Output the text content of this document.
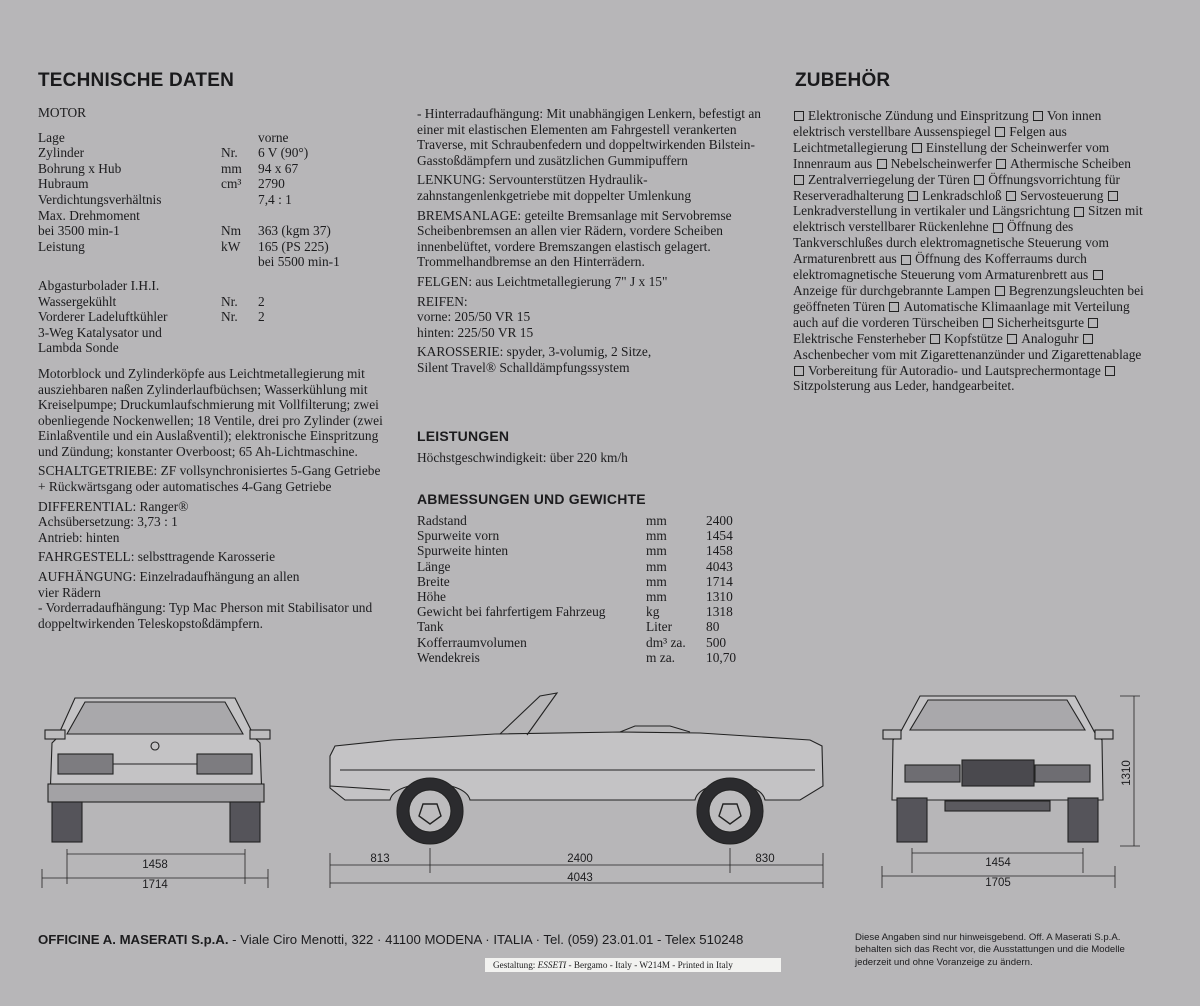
TECHNISCHE DATEN
MOTOR
Lage	vorne
Zylinder	Nr.	6 V (90°)
Bohrung x Hub	mm	94 x 67
Hubraum	cm³	2790
Verdichtungsverhältnis	7,4 : 1
Max. Drehmoment
bei 3500 min-1	Nm	363 (kgm 37)
Leistung	kW	165 (PS 225)
bei 5500 min-1
Abgasturbolader I.H.I.
Wassergekühlt	Nr.	2
Vorderer Ladeluftkühler	Nr.	2
3-Weg Katalysator und
Lambda Sonde

Motorblock und Zylinderköpfe aus Leichtmetallegierung mit ausziehbaren naßen Zylinderlaufbüchsen; Wasserkühlung mit Kreiselpumpe; Druckumlaufschmierung mit Vollfilterung; zwei obenliegende Nockenwellen; 18 Ventile, drei pro Zylinder (zwei Einlaßventile und ein Auslaßventil); elektronische Einspritzung und Zündung; konstanter Overboost; 65 Ah-Lichtmaschine.

SCHALTGETRIEBE: ZF vollsynchronisiertes 5-Gang Getriebe + Rückwärtsgang oder automatisches 4-Gang Getriebe

DIFFERENTIAL: Ranger®

Achsübersetzung: 3,73 : 1

Antrieb: hinten

FAHRGESTELL: selbsttragende Karosserie

AUFHÄNGUNG: Einzelradaufhängung an allen vier Rädern

- Vorderradaufhängung: Typ Mac Pherson mit Stabilisator und doppeltwirkenden Teleskopstoßdämpfern.

- Hinterradaufhängung: Mit unabhängigen Lenkern, befestigt an einer mit elastischen Elementen am Fahrgestell verankerten Traverse, mit Schraubenfedern und doppeltwirkenden Bilstein-Gasstoßdämpfern und zusätzlichen Gummipuffern

LENKUNG: Servounterstützen Hydraulik-zahnstangenlenkgetriebe mit doppelter Umlenkung

BREMSANLAGE: geteilte Bremsanlage mit Servobremse Scheibenbremsen an allen vier Rädern, vordere Scheiben innenbelüftet, vordere Bremszangen elastisch gelagert. Trommelhandbremse an den Hinterrädern.

FELGEN: aus Leichtmetallegierung 7" J x 15"

REIFEN:

vorne: 205/50 VR 15

hinten: 225/50 VR 15

KAROSSERIE: spyder, 3-volumig, 2 Sitze, Silent Travel® Schalldämpfungssystem

LEISTUNGEN
Höchstgeschwindigkeit: über 220 km/h
ABMESSUNGEN UND GEWICHTE
Radstand	mm	2400
Spurweite vorn	mm	1454
Spurweite hinten	mm	1458
Länge	mm	4043
Breite	mm	1714
Höhe	mm	1310
Gewicht bei fahrfertigem Fahrzeug	kg	1318
Tank	Liter	80
Kofferraumvolumen	dm³ za.	500
Wendekreis	m za.	10,70
ZUBEHÖR
Elektronische Zündung und Einspritzung Von innen elektrisch verstellbare Aussenspiegel Felgen aus Leichtmetallegierung Einstellung der Scheinwerfer vom Innenraum aus Nebelscheinwerfer Athermische Scheiben Zentralverriegelung der Türen Öffnungsvorrichtung für Reserveradhalterung Lenkradschloß Servosteuerung Lenkradverstellung in vertikaler und Längsrichtung Sitzen mit elektrisch verstellbarer Rückenlehne Öffnung des Tankverschlußes durch elektromagnetische Steuerung vom Armaturenbrett aus Öffnung des Kofferraums durch elektromagnetische Steuerung vom Armaturenbrett aus Anzeige für durchgebrannte Lampen Begrenzungsleuchten bei geöffneten Türen Automatische Klimaanlage mit Verteilung auch auf die vorderen Türscheiben Sicherheitsgurte Elektrische Fensterheber Kopfstütze Analoguhr Aschenbecher vom mit Zigarettenanzünder und Zigarettenablage Vorbereitung für Autoradio- und Lautsprechermontage Sitzpolsterung aus Leder, handgearbeitet.
1458
1714
813	2400	830
4043
1454
1705
1310
OFFICINE A. MASERATI S.p.A. - Viale Ciro Menotti, 322 · 41100 MODENA · ITALIA · Tel. (059) 23.01.01 - Telex 510248
Gestaltung: ESSETI - Bergamo - Italy - W214M - Printed in Italy
Diese Angaben sind nur hinweisgebend. Off. A Maserati S.p.A. behalten sich das Recht vor, die Ausstattungen und die Modelle jederzeit und ohne Voranzeige zu ändern.
